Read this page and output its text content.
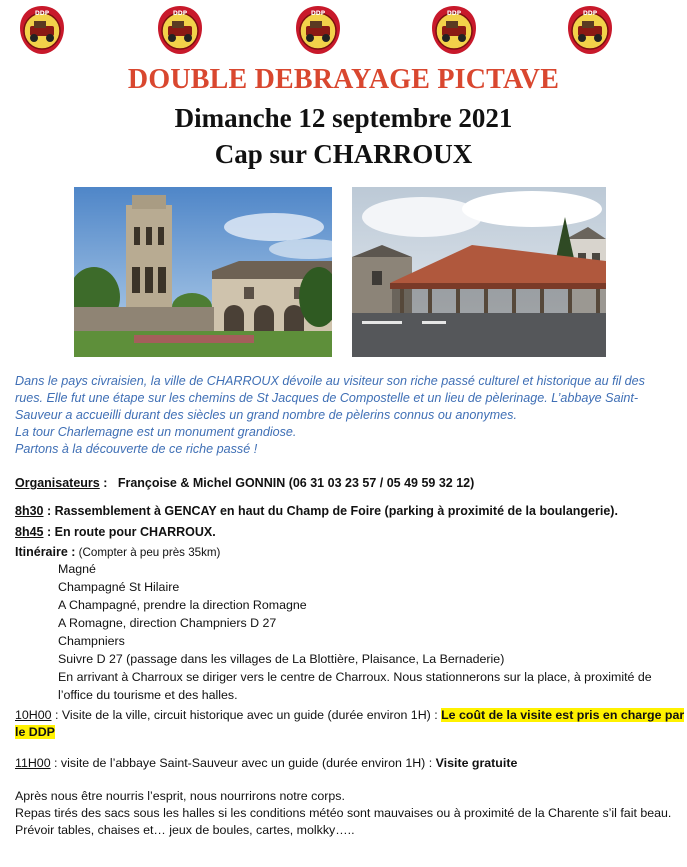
DDP	DDP	DDP	DDP	DDP
DOUBLE DEBRAYAGE PICTAVE
Dimanche 12 septembre 2021
Cap sur CHARROUX

Dans le pays civraisien, la ville de CHARROUX dévoile au visiteur son riche passé culturel et historique au fil des rues. Elle fut une étape sur les chemins de St Jacques de Compostelle et un lieu de pèlerinage. L’abbaye Saint-Sauveur a accueilli durant des siècles un grand nombre de pèlerins connus ou anonymes.

La tour Charlemagne est un monument grandiose.

Partons à la découverte de ce riche passé !

Organisateurs :   Françoise & Michel GONNIN (06 31 03 23 57 / 05 49 59 32 12)
8h30 : Rassemblement à GENCAY en haut du Champ de Foire (parking à proximité de la boulangerie).
8h45 : En route pour CHARROUX.
Itinéraire : (Compter à peu près 35km)
Magné
Champagné St Hilaire
A Champagné, prendre la direction Romagne
A Romagne, direction Champniers D 27
Champniers
Suivre D 27 (passage dans les villages de La Blottière, Plaisance, La Bernaderie)
En arrivant à Charroux se diriger vers le centre de Charroux. Nous stationnerons sur la place, à proximité de
l’office du tourisme et des halles.
10H00 : Visite de la ville, circuit historique avec un guide (durée environ 1H) : Le coût de la visite est pris en charge par
le DDP
11H00 : visite de l’abbaye Saint-Sauveur avec un guide (durée environ 1H) : Visite gratuite
Après nous être nourris l’esprit, nous nourrirons notre corps.
Repas tirés des sacs sous les halles si les conditions météo sont mauvaises ou à proximité de la Charente s’il fait beau.
Prévoir tables, chaises et… jeux de boules, cartes, molkky…..
